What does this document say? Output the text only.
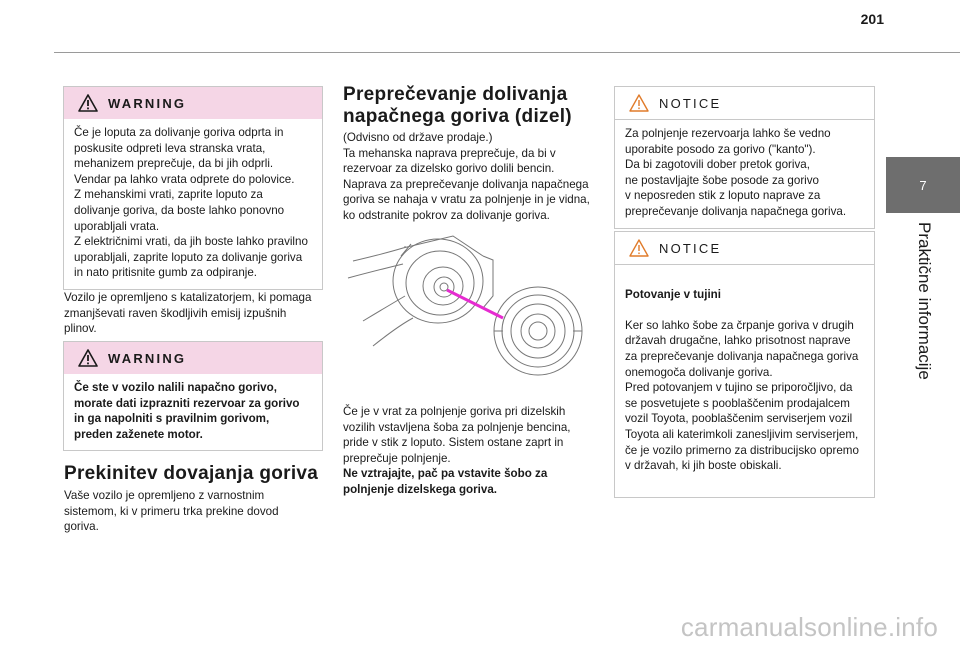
201
7
Praktične informacije
WARNING
Če je loputa za dolivanje goriva odprta in
poskusite odpreti leva stranska vrata,
mehanizem preprečuje, da bi jih odprli.
Vendar pa lahko vrata odprete do polovice.
Z mehanskimi vrati, zaprite loputo za
dolivanje goriva, da boste lahko ponovno
uporabljali vrata.
Z električnimi vrati, da jih boste lahko pravilno
uporabljali, zaprite loputo za dolivanje goriva
in nato pritisnite gumb za odpiranje.
Vozilo je opremljeno s katalizatorjem, ki pomaga
zmanjševati raven škodljivih emisij izpušnih
plinov.
WARNING
Če ste v vozilo nalili napačno gorivo,
morate dati izprazniti rezervoar za gorivo
in ga napolniti s pravilnim gorivom,
preden zaženete motor.
Prekinitev dovajanja goriva
Vaše vozilo je opremljeno z varnostnim
sistemom, ki v primeru trka prekine dovod
goriva.
Preprečevanje dolivanja
napačnega goriva (dizel)
(Odvisno od države prodaje.)
Ta mehanska naprava preprečuje, da bi v
rezervoar za dizelsko gorivo dolili bencin.
Naprava za preprečevanje dolivanja napačnega
goriva se nahaja v vratu za polnjenje in je vidna,
ko odstranite pokrov za dolivanje goriva.
Če je v vrat za polnjenje goriva pri dizelskih
vozilih vstavljena šoba za polnjenje bencina,
pride v stik z loputo. Sistem ostane zaprt in
preprečuje polnjenje.
Ne vztrajajte, pač pa vstavite šobo za
polnjenje dizelskega goriva.
NOTICE
Za polnjenje rezervoarja lahko še vedno
uporabite posodo za gorivo ("kanto").
Da bi zagotovili dober pretok goriva,
ne postavljajte šobe posode za gorivo
v neposreden stik z loputo naprave za
preprečevanje dolivanja napačnega goriva.
NOTICE

Potovanje v tujini

Ker so lahko šobe za črpanje goriva v drugih
državah drugačne, lahko prisotnost naprave
za preprečevanje dolivanja napačnega goriva
onemogoča dolivanje goriva.
Pred potovanjem v tujino se priporočljivo, da
se posvetujete s pooblaščenim prodajalcem
vozil Toyota, pooblaščenim serviserjem vozil
Toyota ali katerimkoli zanesljivim serviserjem,
če je vozilo primerno za distribucijsko opremo
v državah, ki jih boste obiskali.

carmanualsonline.info
